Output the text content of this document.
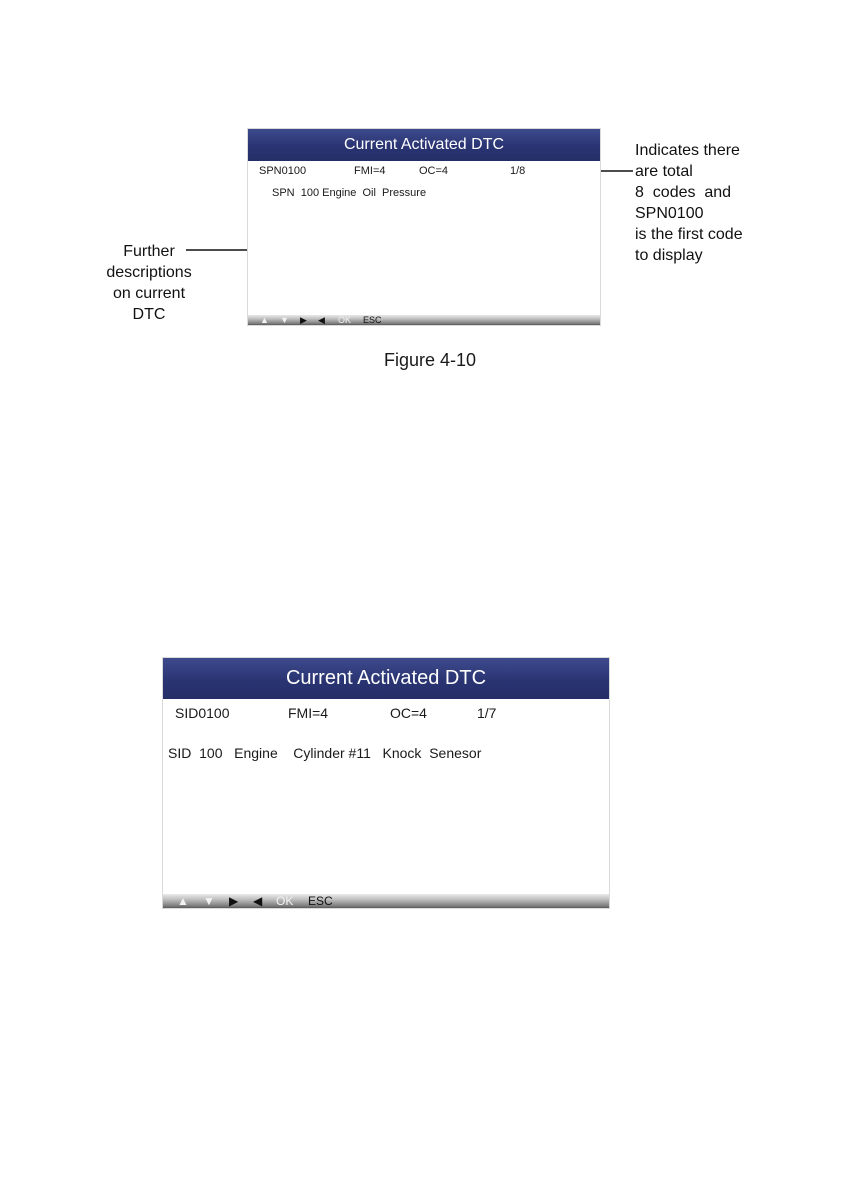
Current Activated DTC
SPN0100	FMI=4	OC=4	1/8
SPN  100 Engine  Oil  Pressure
▲ ▼ ▶ ◀ OK ESC
Further
descriptions
on current
DTC
Indicates there
are total
8  codes  and
SPN0100
is the first code
to display
Figure 4-10
Current Activated DTC
SID0100	FMI=4	OC=4	1/7
SID  100   Engine    Cylinder #11   Knock  Senesor
▲ ▼ ▶ ◀ OK ESC
